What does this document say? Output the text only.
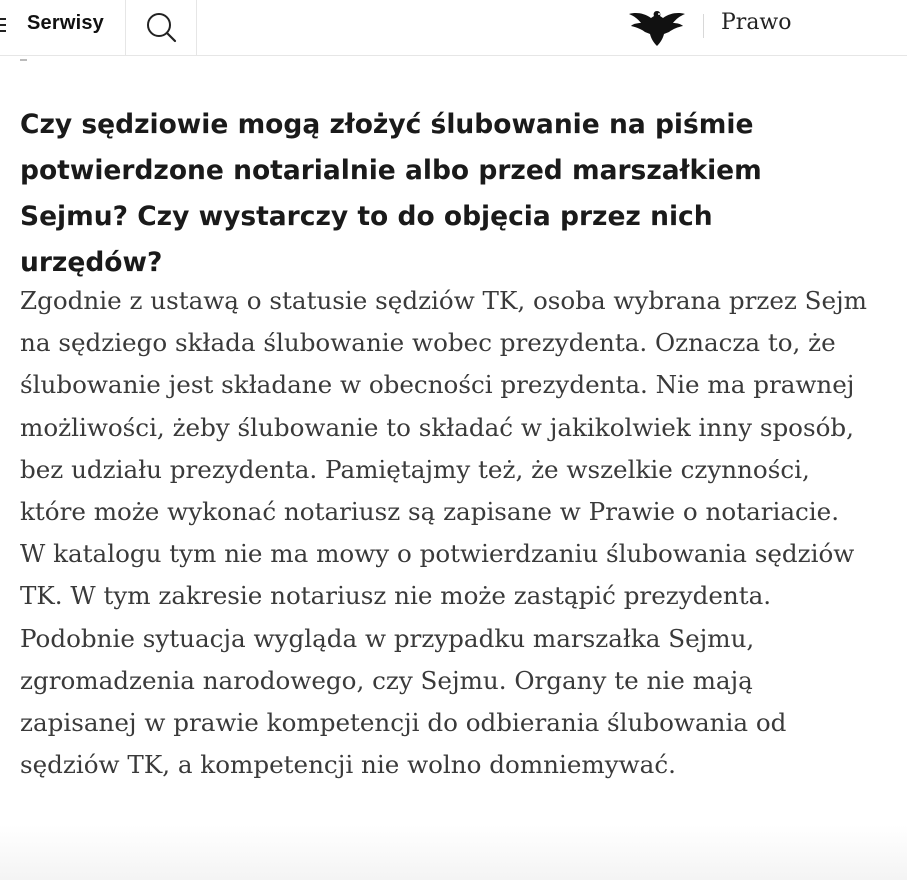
Serwisy	Prawo
Czy sędziowie mogą złożyć ślubowanie na piśmie potwierdzone notarialnie albo przed marszałkiem Sejmu? Czy wystarczy to do objęcia przez nich urzędów?

Zgodnie z ustawą o statusie sędziów TK, osoba wybrana przez Sejm na sędziego składa ślubowanie wobec prezydenta. Oznacza to, że ślubowanie jest składane w obecności prezydenta. Nie ma prawnej możliwości, żeby ślubowanie to składać w jakikolwiek inny sposób, bez udziału prezydenta. Pamiętajmy też, że wszelkie czynności, które może wykonać notariusz są zapisane w Prawie o notariacie. W katalogu tym nie ma mowy o potwierdzaniu ślubowania sędziów TK. W tym zakresie notariusz nie może zastąpić prezydenta. Podobnie sytuacja wygląda w przypadku marszałka Sejmu, zgromadzenia narodowego, czy Sejmu. Organy te nie mają zapisanej w prawie kompetencji do odbierania ślubowania od sędziów TK, a kompetencji nie wolno domniemywać.
